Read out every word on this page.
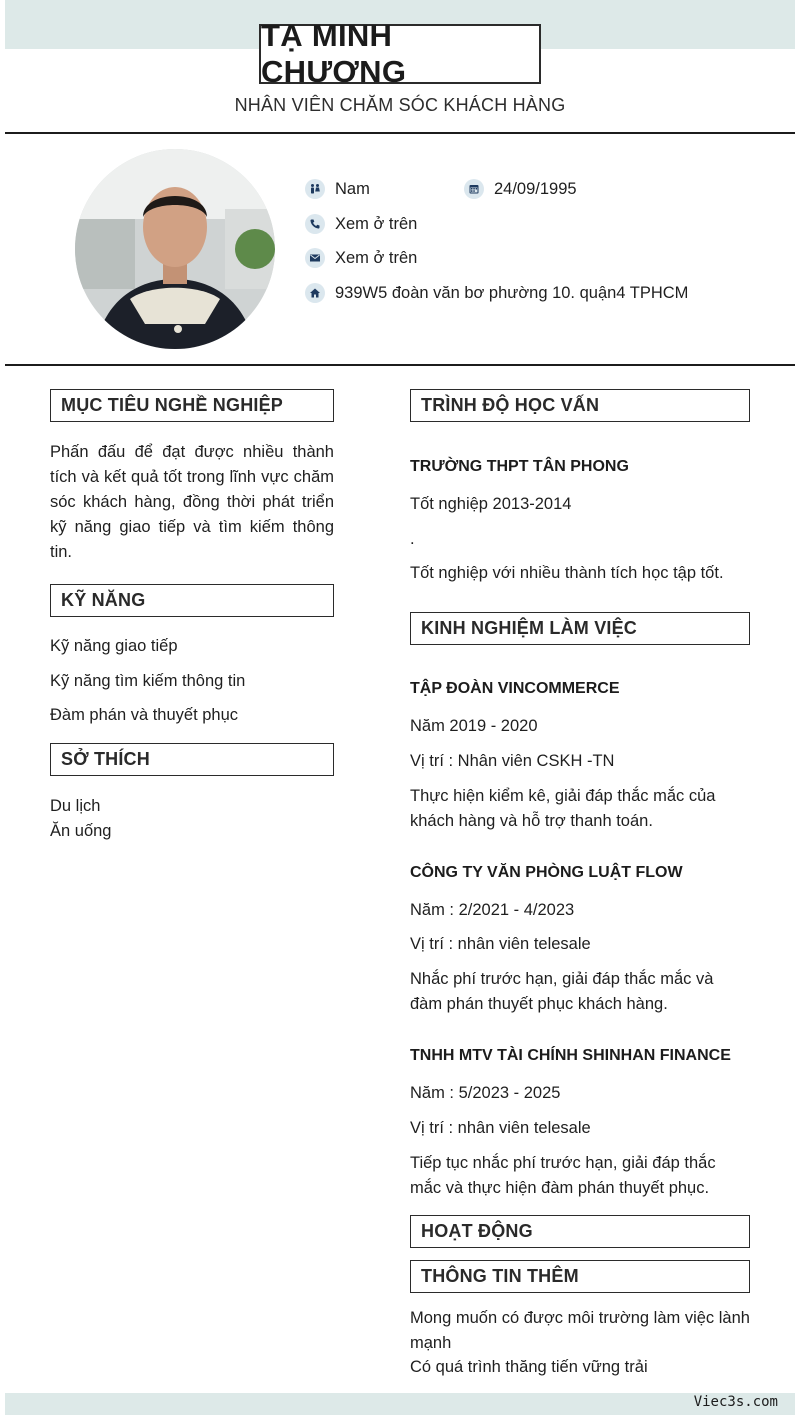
TẠ MINH CHƯƠNG
NHÂN VIÊN CHĂM SÓC KHÁCH HÀNG
Nam	24/09/1995
Xem ở trên
Xem ở trên
939W5 đoàn văn bơ phường 10. quận4 TPHCM
MỤC TIÊU NGHỀ NGHIỆP
Phấn đấu để đạt được nhiều thành tích và kết quả tốt trong lĩnh vực chăm sóc khách hàng, đồng thời phát triển kỹ năng giao tiếp và tìm kiếm thông tin.
KỸ NĂNG
Kỹ năng giao tiếp
Kỹ năng tìm kiếm thông tin
Đàm phán và thuyết phục
SỞ THÍCH
Du lịch
Ăn uống
TRÌNH ĐỘ HỌC VẤN
TRƯỜNG THPT TÂN PHONG
Tốt nghiệp 2013-2014
.
Tốt nghiệp với nhiều thành tích học tập tốt.
KINH NGHIỆM LÀM VIỆC
TẬP ĐOÀN VINCOMMERCE
Năm 2019 - 2020
Vị trí : Nhân viên CSKH -TN
Thực hiện kiểm kê, giải đáp thắc mắc của khách hàng và hỗ trợ thanh toán.
CÔNG TY VĂN PHÒNG LUẬT FLOW
Năm : 2/2021 - 4/2023
Vị trí : nhân viên telesale
Nhắc phí trước hạn, giải đáp thắc mắc và đàm phán thuyết phục khách hàng.
TNHH MTV TÀI CHÍNH SHINHAN FINANCE
Năm : 5/2023 - 2025
Vị trí : nhân viên telesale
Tiếp tục nhắc phí trước hạn, giải đáp thắc mắc và thực hiện đàm phán thuyết phục.
HOẠT ĐỘNG
THÔNG TIN THÊM
Mong muốn có được môi trường làm việc lành mạnh
Có quá trình thăng tiến vững trải
Viec3s.com
